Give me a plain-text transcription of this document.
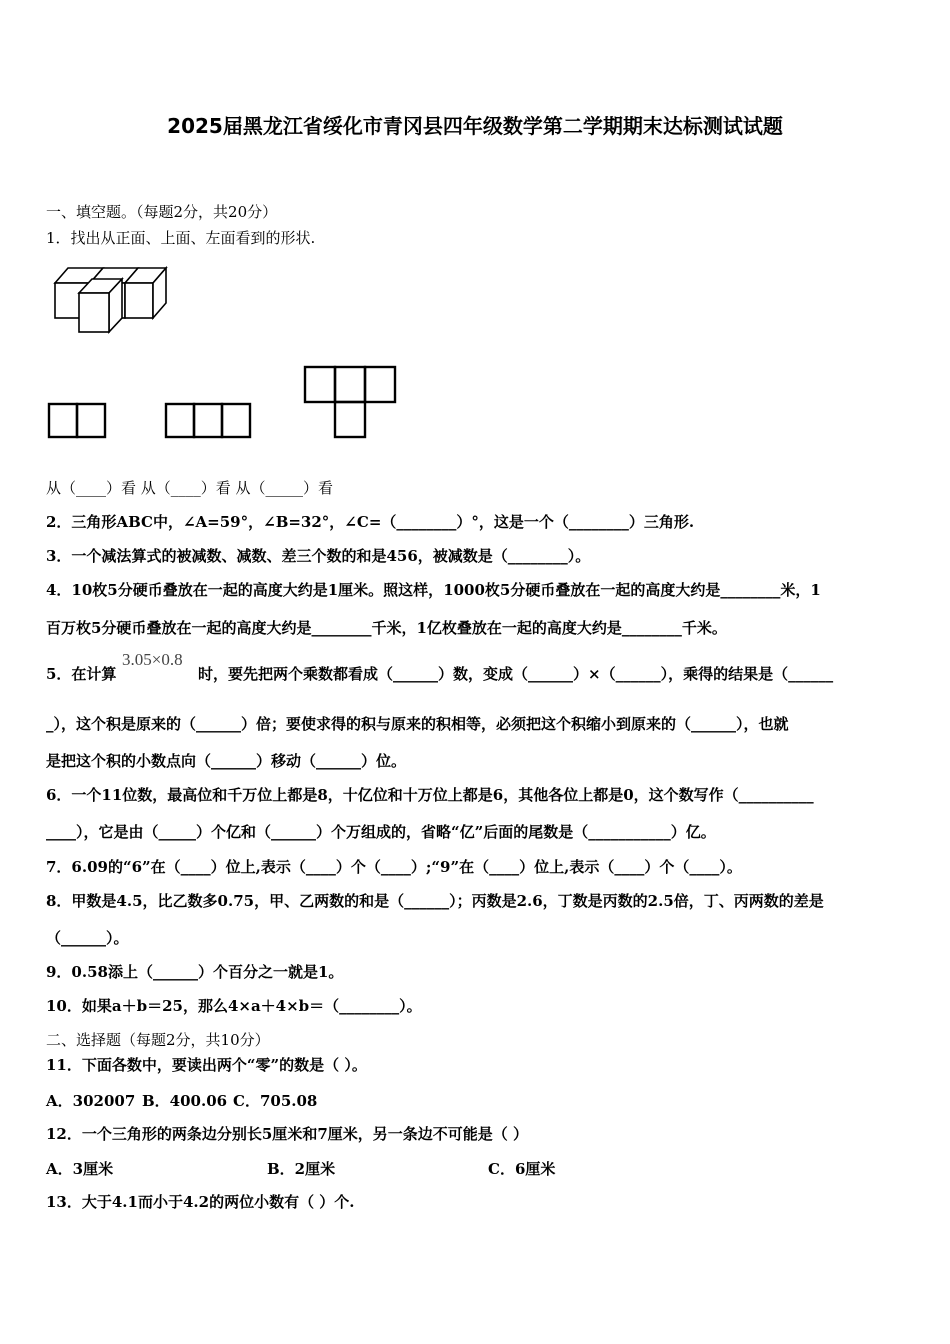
2025届黑龙江省绥化市青冈县四年级数学第二学期期末达标测试试题
一、填空题。（每题2分，共20分）
1．找出从正面、上面、左面看到的形状.
从（____）看 从（____）看 从（_____）看
2．三角形ABC中，∠A=59°，∠B=32°，∠C=（________）°，这是一个（________）三角形.
3．一个减法算式的被减数、减数、差三个数的和是456，被减数是（________）。
4．10枚5分硬币叠放在一起的高度大约是1厘米。照这样，1000枚5分硬币叠放在一起的高度大约是________米，1
百万枚5分硬币叠放在一起的高度大约是________千米，1亿枚叠放在一起的高度大约是________千米。
5．在计算
3.05×0.8
时，要先把两个乘数都看成（______）数，变成（______）×（______），乘得的结果是（______
_），这个积是原来的（______）倍；要使求得的积与原来的积相等，必须把这个积缩小到原来的（______），也就
是把这个积的小数点向（______）移动（______）位。
6．一个11位数，最高位和千万位上都是8，十亿位和十万位上都是6，其他各位上都是0，这个数写作（__________
____），它是由（_____）个亿和（______）个万组成的，省略“亿”后面的尾数是（___________）亿。
7．6.09的“6”在（____）位上,表示（____）个（____）;“9”在（____）位上,表示（____）个（____）。
8．甲数是4.5，比乙数多0.75，甲、乙两数的和是（______）；丙数是2.6，丁数是丙数的2.5倍，丁、丙两数的差是
（______）。
9．0.58添上（______）个百分之一就是1。
10．如果a＋b＝25，那么4×a＋4×b＝（________）。
二、选择题（每题2分，共10分）
11．下面各数中，要读出两个“零”的数是（ ）。
A．302007 B．400.06 C．705.08
12．一个三角形的两条边分别长5厘米和7厘米，另一条边不可能是（ ）
A．3厘米	B．2厘米	C．6厘米
13．大于4.1而小于4.2的两位小数有（ ）个.
